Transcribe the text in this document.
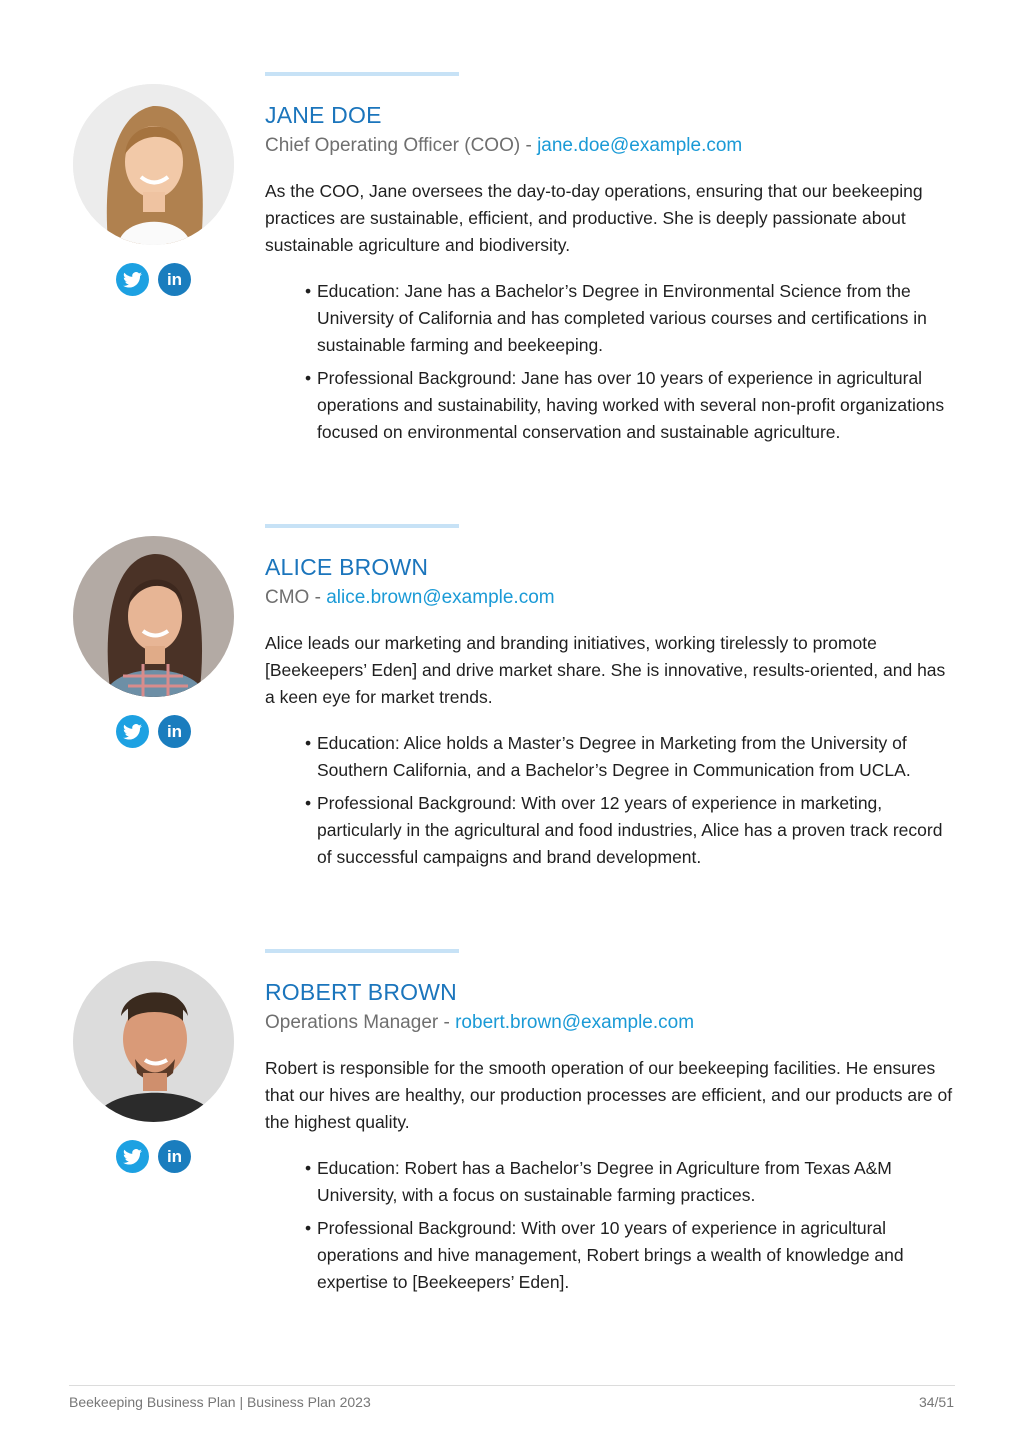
in
JANE DOE

Chief Operating Officer (COO) - jane.doe@example.com

As the COO, Jane oversees the day-to-day operations, ensuring that our beekeeping practices are sustainable, efficient, and productive. She is deeply passionate about sustainable agriculture and biodiversity.

• Education: Jane has a Bachelor’s Degree in Environmental Science from the University of California and has completed various courses and certifications in sustainable farming and beekeeping.
• Professional Background: Jane has over 10 years of experience in agricultural operations and sustainability, having worked with several non-profit organizations focused on environmental conservation and sustainable agriculture.
in
ALICE BROWN

CMO - alice.brown@example.com

Alice leads our marketing and branding initiatives, working tirelessly to promote [Beekeepers’ Eden] and drive market share. She is innovative, results-oriented, and has a keen eye for market trends.

• Education: Alice holds a Master’s Degree in Marketing from the University of Southern California, and a Bachelor’s Degree in Communication from UCLA.
• Professional Background: With over 12 years of experience in marketing, particularly in the agricultural and food industries, Alice has a proven track record of successful campaigns and brand development.
in
ROBERT BROWN

Operations Manager - robert.brown@example.com

Robert is responsible for the smooth operation of our beekeeping facilities. He ensures that our hives are healthy, our production processes are efficient, and our products are of the highest quality.

• Education: Robert has a Bachelor’s Degree in Agriculture from Texas A&M University, with a focus on sustainable farming practices.
• Professional Background: With over 10 years of experience in agricultural operations and hive management, Robert brings a wealth of knowledge and expertise to [Beekeepers’ Eden].
Beekeeping Business Plan | Business Plan 2023	34/51
